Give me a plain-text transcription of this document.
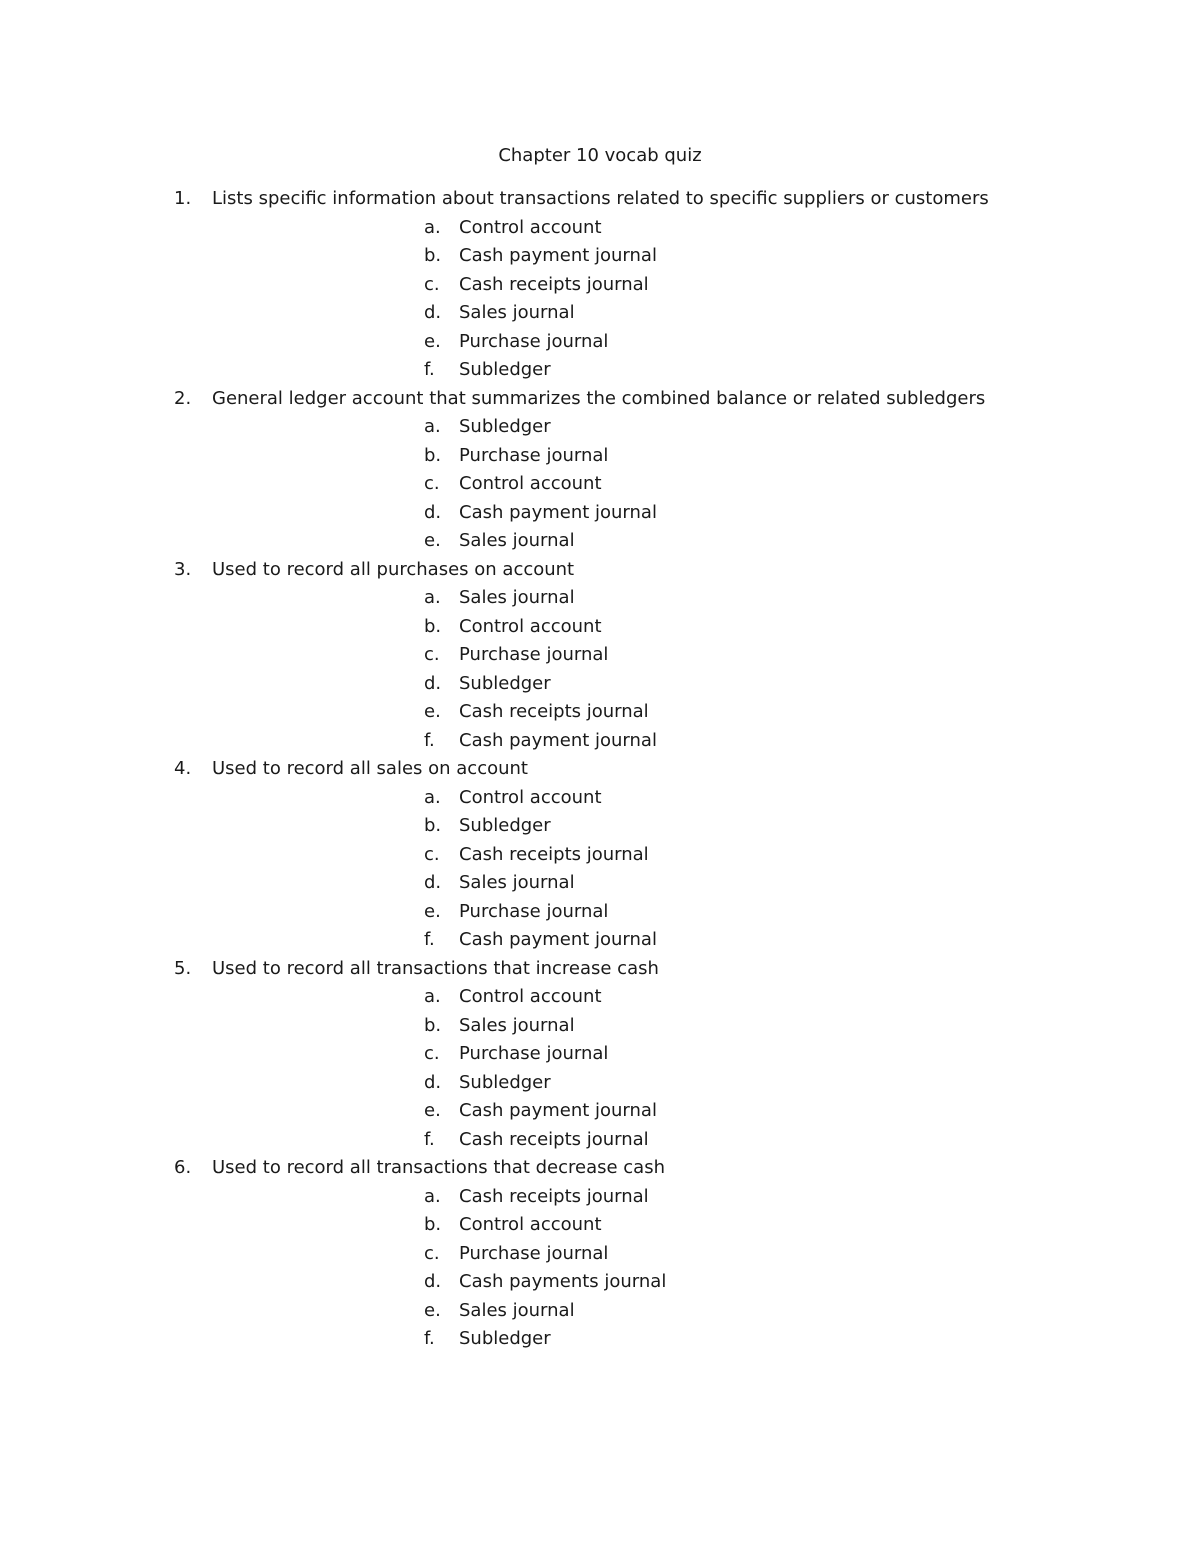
Chapter 10 vocab quiz
1. Lists specific information about transactions related to specific suppliers or customers
a. Control account
b. Cash payment journal
c. Cash receipts journal
d. Sales journal
e. Purchase journal
f. Subledger
2. General ledger account that summarizes the combined balance or related subledgers
a. Subledger
b. Purchase journal
c. Control account
d. Cash payment journal
e. Sales journal
3. Used to record all purchases on account
a. Sales journal
b. Control account
c. Purchase journal
d. Subledger
e. Cash receipts journal
f. Cash payment journal
4. Used to record all sales on account
a. Control account
b. Subledger
c. Cash receipts journal
d. Sales journal
e. Purchase journal
f. Cash payment journal
5. Used to record all transactions that increase cash
a. Control account
b. Sales journal
c. Purchase journal
d. Subledger
e. Cash payment journal
f. Cash receipts journal
6. Used to record all transactions that decrease cash
a. Cash receipts journal
b. Control account
c. Purchase journal
d. Cash payments journal
e. Sales journal
f. Subledger
